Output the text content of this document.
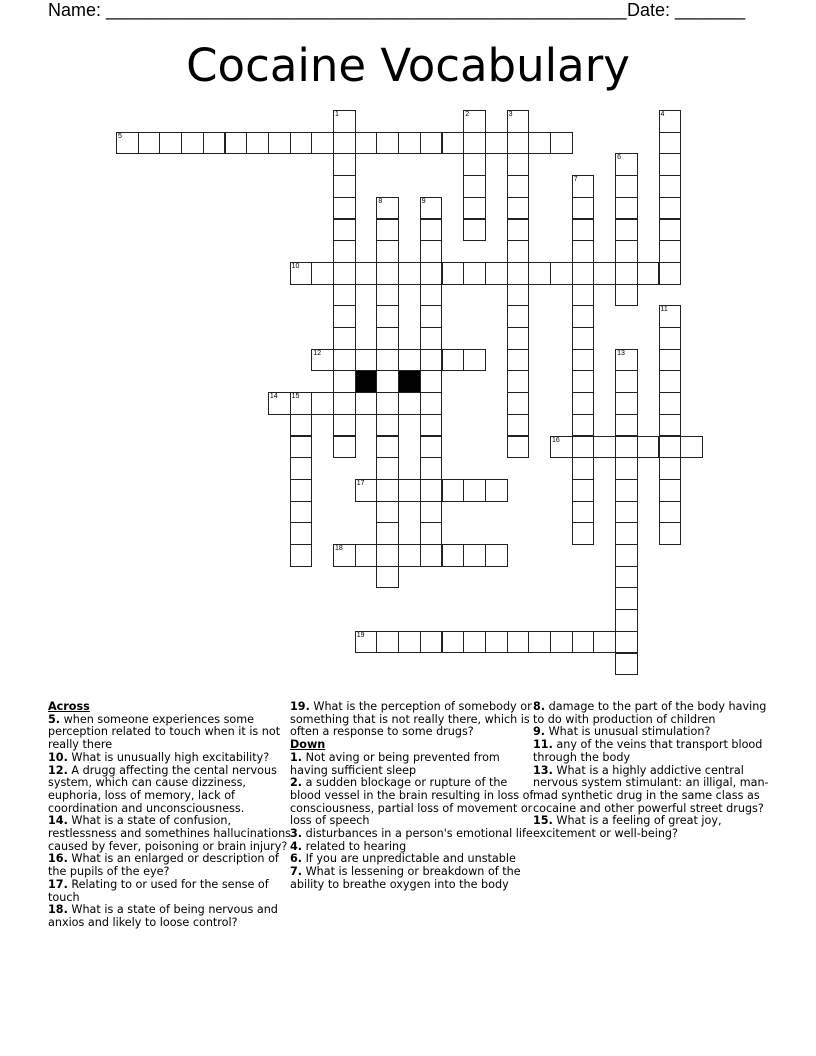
Name: ____________________________________________________ Date: _______
Cocaine Vocabulary
5
10
12
14 15
16
17
18
19
1	2	3	4
6
7
8	9
11
13
Across
5. when someone experiences some perception related to touch when it is not really there
10. What is unusually high excitability?
12. A drugg affecting the cental nervous system, which can cause dizziness, euphoria, loss of memory, lack of coordination and unconsciousness.
14. What is a state of confusion, restlessness and somethines hallucinations caused by fever, poisoning or brain injury?
16. What is an enlarged or description of the pupils of the eye?
17. Relating to or used for the sense of touch
18. What is a state of being nervous and anxios and likely to loose control?
19. What is the perception of somebody or something that is not really there, which is often a response to some drugs?
Down
1. Not aving or being prevented from having sufficient sleep
2. a sudden blockage or rupture of the blood vessel in the brain resulting in loss of consciousness, partial loss of movement or loss of speech
3. disturbances in a person's emotional life
4. related to hearing
6. If you are unpredictable and unstable
7. What is lessening or breakdown of the ability to breathe oxygen into the body
8. damage to the part of the body having to do with production of children
9. What is unusual stimulation?
11. any of the veins that transport blood through the body
13. What is a highly addictive central nervous system stimulant: an illigal, man-mad synthetic drug in the same class as cocaine and other powerful street drugs?
15. What is a feeling of great joy, excitement or well-being?
